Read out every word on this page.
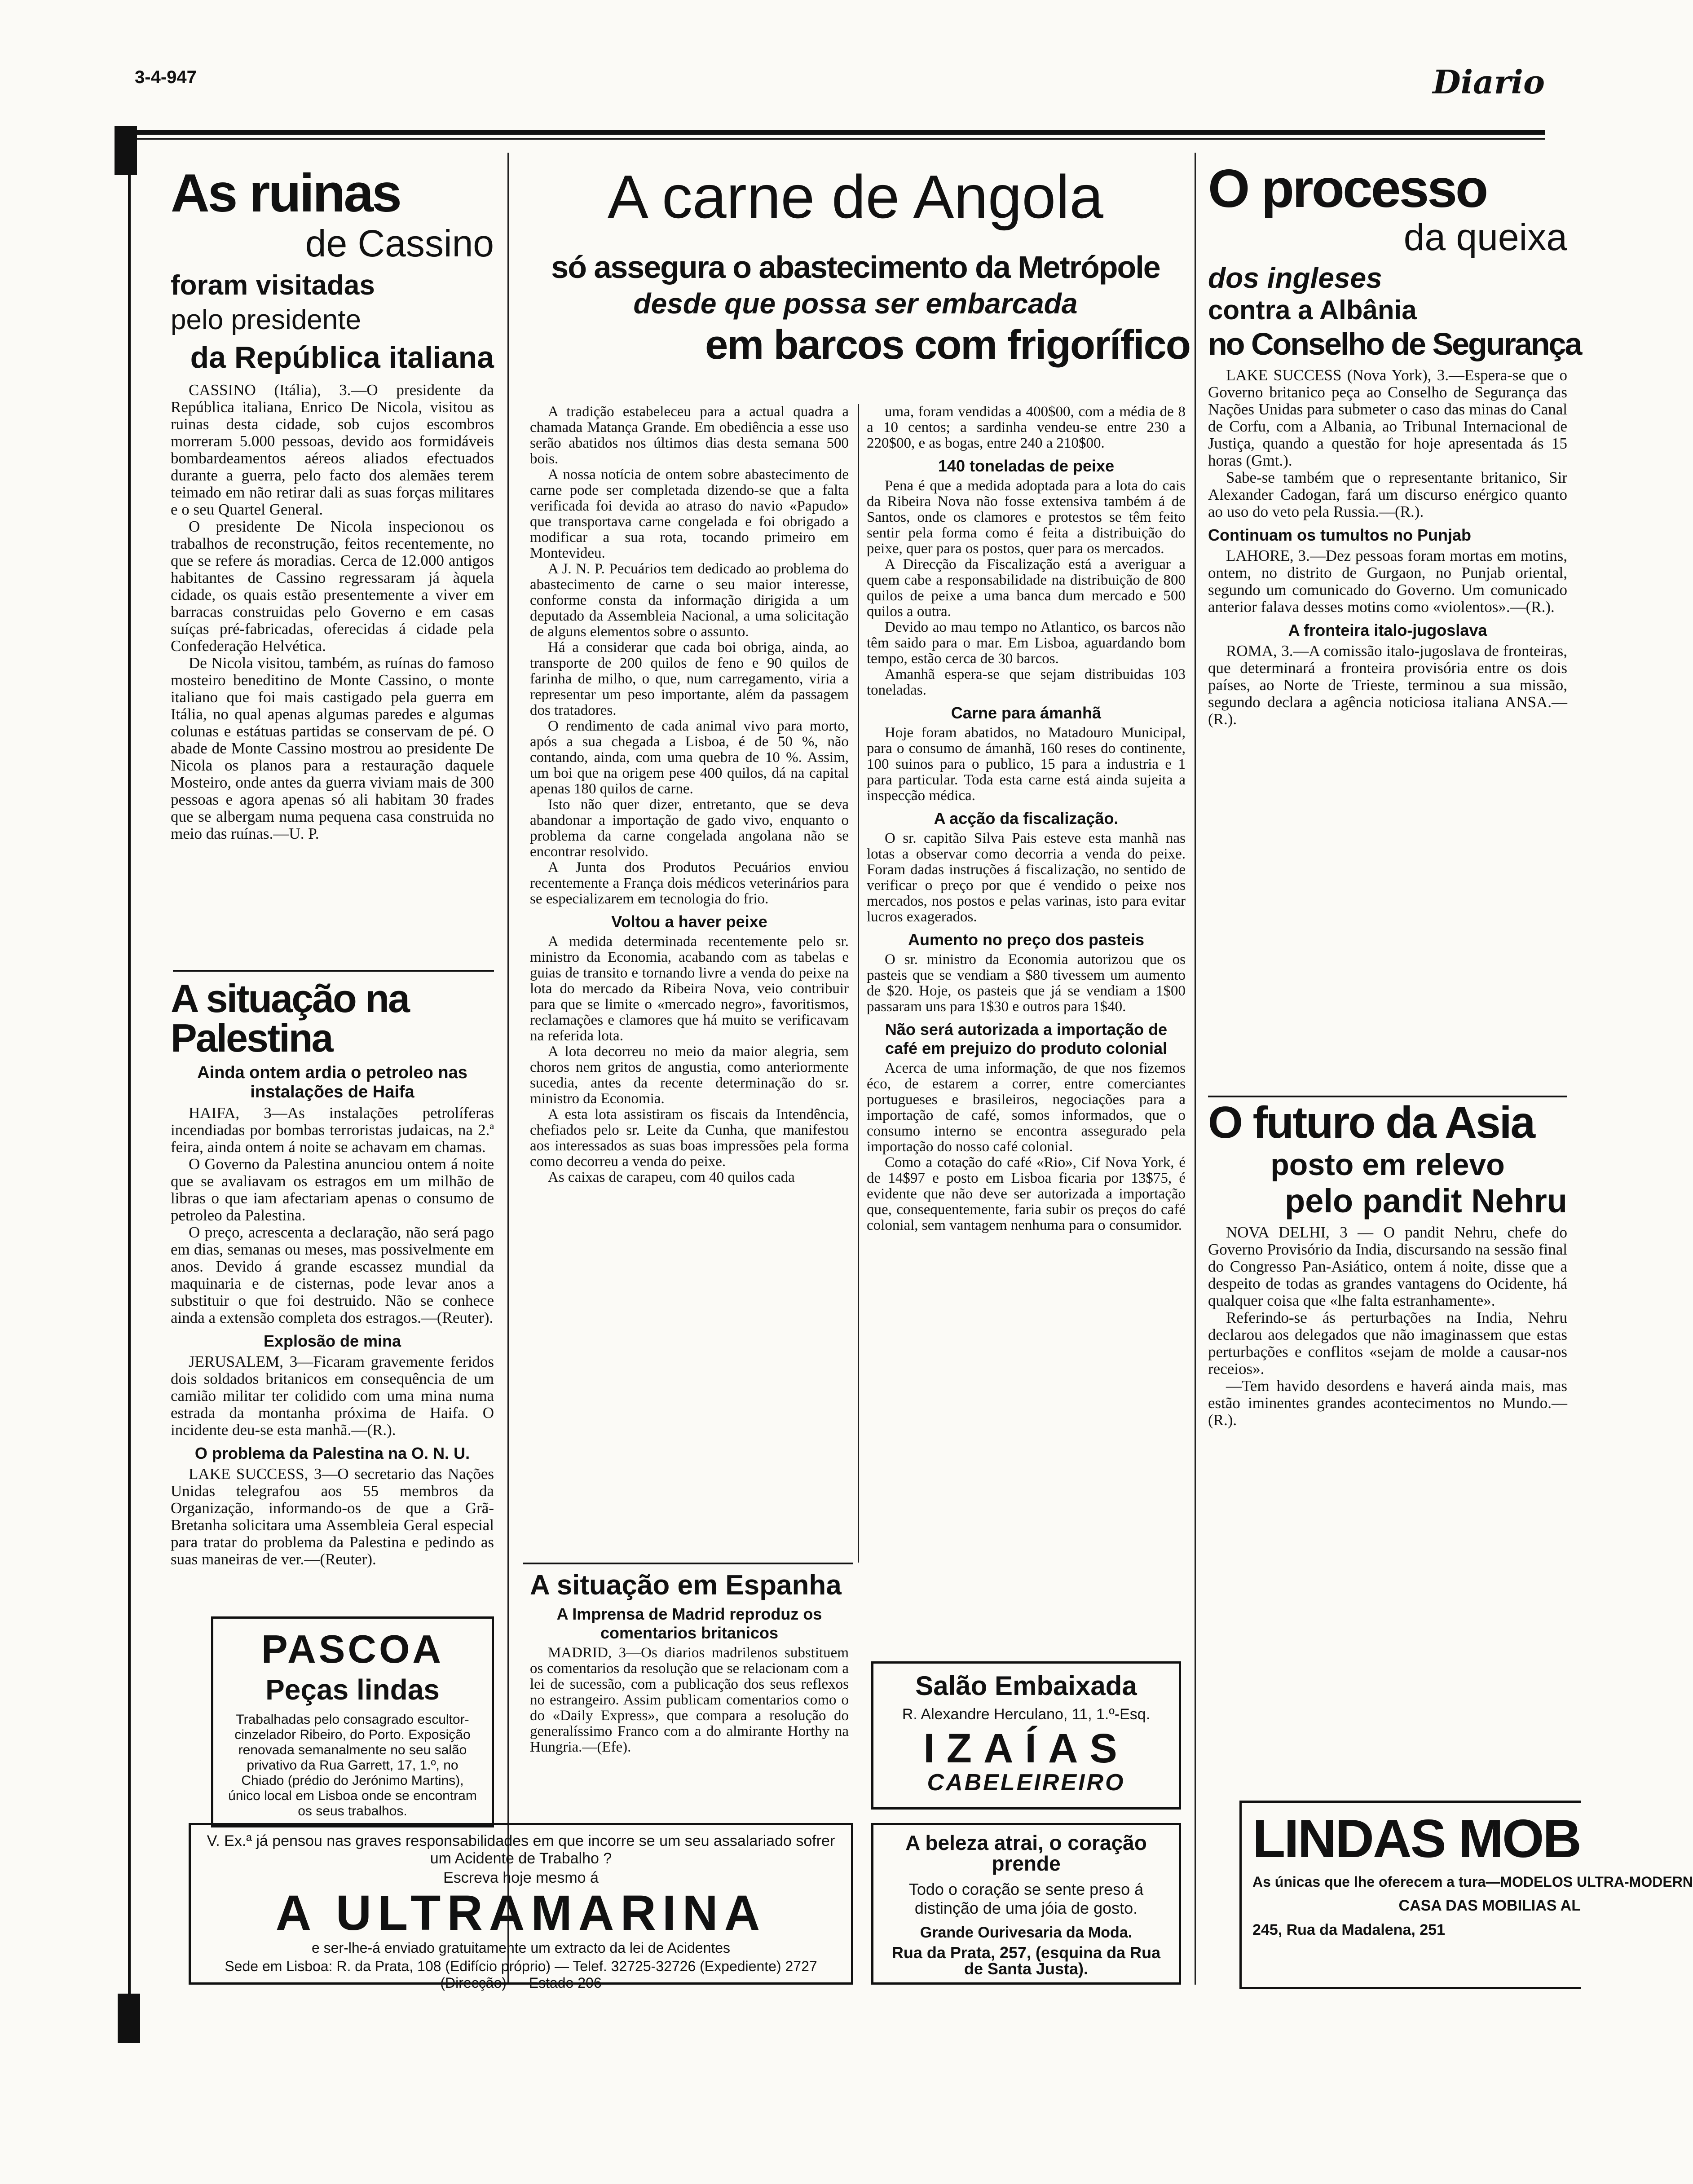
3-4-947	Diario
As ruinas
de Cassino
foram visitadas
pelo presidente
da República italiana

CASSINO (Itália), 3.—O presidente da República italiana, Enrico De Nicola, visitou as ruinas desta cidade, sob cujos escombros morreram 5.000 pessoas, devido aos formidáveis bombardeamentos aéreos aliados efectuados durante a guerra, pelo facto dos alemães terem teimado em não retirar dali as suas forças militares e o seu Quartel General.

O presidente De Nicola inspecionou os trabalhos de reconstrução, feitos recentemente, no que se refere ás moradias. Cerca de 12.000 antigos habitantes de Cassino regressaram já àquela cidade, os quais estão presentemente a viver em barracas construidas pelo Governo e em casas suíças pré-fabricadas, oferecidas á cidade pela Confederação Helvética.

De Nicola visitou, também, as ruínas do famoso mosteiro beneditino de Monte Cassino, o monte italiano que foi mais castigado pela guerra em Itália, no qual apenas algumas paredes e algumas colunas e estátuas partidas se conservam de pé. O abade de Monte Cassino mostrou ao presidente De Nicola os planos para a restauração daquele Mosteiro, onde antes da guerra viviam mais de 300 pessoas e agora apenas só ali habitam 30 frades que se albergam numa pequena casa construida no meio das ruínas.—U. P.

A situação na Palestina
Ainda ontem ardia o petroleo nas instalações de Haifa

HAIFA, 3—As instalações petrolíferas incendiadas por bombas terroristas judaicas, na 2.ª feira, ainda ontem á noite se achavam em chamas.

O Governo da Palestina anunciou ontem á noite que se avaliavam os estragos em um milhão de libras o que iam afectariam apenas o consumo de petroleo da Palestina.

O preço, acrescenta a declaração, não será pago em dias, semanas ou meses, mas possivelmente em anos. Devido á grande escassez mundial da maquinaria e de cisternas, pode levar anos a substituir o que foi destruido. Não se conhece ainda a extensão completa dos estragos.—(Reuter).

Explosão de mina

JERUSALEM, 3—Ficaram gravemente feridos dois soldados britanicos em consequência de um camião militar ter colidido com uma mina numa estrada da montanha próxima de Haifa. O incidente deu-se esta manhã.—(R.).

O problema da Palestina na O. N. U.

LAKE SUCCESS, 3—O secretario das Nações Unidas telegrafou aos 55 membros da Organização, informando-os de que a Grã-Bretanha solicitara uma Assembleia Geral especial para tratar do problema da Palestina e pedindo as suas maneiras de ver.—(Reuter).

PASCOA
Peças lindas
Trabalhadas pelo consagrado escultor-cinzelador Ribeiro, do Porto. Exposição renovada semanalmente no seu salão privativo da Rua Garrett, 17, 1.º, no Chiado (prédio do Jerónimo Martins), único local em Lisboa onde se encontram os seus trabalhos.
A carne de Angola
só assegura o abastecimento da Metrópole
desde que possa ser embarcada
em barcos com frigorífico

A tradição estabeleceu para a actual quadra a chamada Matança Grande. Em obediência a esse uso serão abatidos nos últimos dias desta semana 500 bois.

A nossa notícia de ontem sobre abastecimento de carne pode ser completada dizendo-se que a falta verificada foi devida ao atraso do navio «Papudo» que transportava carne congelada e foi obrigado a modificar a sua rota, tocando primeiro em Montevideu.

A J. N. P. Pecuários tem dedicado ao problema do abastecimento de carne o seu maior interesse, conforme consta da informação dirigida a um deputado da Assembleia Nacional, a uma solicitação de alguns elementos sobre o assunto.

Há a considerar que cada boi obriga, ainda, ao transporte de 200 quilos de feno e 90 quilos de farinha de milho, o que, num carregamento, viria a representar um peso importante, além da passagem dos tratadores.

O rendimento de cada animal vivo para morto, após a sua chegada a Lisboa, é de 50 %, não contando, ainda, com uma quebra de 10 %. Assim, um boi que na origem pese 400 quilos, dá na capital apenas 180 quilos de carne.

Isto não quer dizer, entretanto, que se deva abandonar a importação de gado vivo, enquanto o problema da carne congelada angolana não se encontrar resolvido.

A Junta dos Produtos Pecuários enviou recentemente a França dois médicos veterinários para se especializarem em tecnologia do frio.

Voltou a haver peixe

A medida determinada recentemente pelo sr. ministro da Economia, acabando com as tabelas e guias de transito e tornando livre a venda do peixe na lota do mercado da Ribeira Nova, veio contribuir para que se limite o «mercado negro», favoritismos, reclamações e clamores que há muito se verificavam na referida lota.

A lota decorreu no meio da maior alegria, sem choros nem gritos de angustia, como anteriormente sucedia, antes da recente determinação do sr. ministro da Economia.

A esta lota assistiram os fiscais da Intendência, chefiados pelo sr. Leite da Cunha, que manifestou aos interessados as suas boas impressões pela forma como decorreu a venda do peixe.

As caixas de carapeu, com 40 quilos cada

uma, foram vendidas a 400$00, com a média de 8 a 10 centos; a sardinha vendeu-se entre 230 a 220$00, e as bogas, entre 240 a 210$00.

140 toneladas de peixe

Pena é que a medida adoptada para a lota do cais da Ribeira Nova não fosse extensiva também á de Santos, onde os clamores e protestos se têm feito sentir pela forma como é feita a distribuição do peixe, quer para os postos, quer para os mercados.

A Direcção da Fiscalização está a averiguar a quem cabe a responsabilidade na distribuição de 800 quilos de peixe a uma banca dum mercado e 500 quilos a outra.

Devido ao mau tempo no Atlantico, os barcos não têm saido para o mar. Em Lisboa, aguardando bom tempo, estão cerca de 30 barcos.

Amanhã espera-se que sejam distribuidas 103 toneladas.

Carne para ámanhã

Hoje foram abatidos, no Matadouro Municipal, para o consumo de ámanhã, 160 reses do continente, 100 suinos para o publico, 15 para a industria e 1 para particular. Toda esta carne está ainda sujeita a inspecção médica.

A acção da fiscalização.

O sr. capitão Silva Pais esteve esta manhã nas lotas a observar como decorria a venda do peixe. Foram dadas instruções á fiscalização, no sentido de verificar o preço por que é vendido o peixe nos mercados, nos postos e pelas varinas, isto para evitar lucros exagerados.

Aumento no preço dos pasteis

O sr. ministro da Economia autorizou que os pasteis que se vendiam a $80 tivessem um aumento de $20. Hoje, os pasteis que já se vendiam a 1$00 passaram uns para 1$30 e outros para 1$40.

Não será autorizada a importação de café em prejuizo do produto colonial

Acerca de uma informação, de que nos fizemos éco, de estarem a correr, entre comerciantes portugueses e brasileiros, negociações para a importação de café, somos informados, que o consumo interno se encontra assegurado pela importação do nosso café colonial.

Como a cotação do café «Rio», Cif Nova York, é de 14$97 e posto em Lisboa ficaria por 13$75, é evidente que não deve ser autorizada a importação que, consequentemente, faria subir os preços do café colonial, sem vantagem nenhuma para o consumidor.

A situação em Espanha
A Imprensa de Madrid reproduz os comentarios britanicos

MADRID, 3—Os diarios madrilenos substituem os comentarios da resolução que se relacionam com a lei de sucessão, com a publicação dos seus reflexos no estrangeiro. Assim publicam comentarios como o do «Daily Express», que compara a resolução do generalíssimo Franco com a do almirante Horthy na Hungria.—(Efe).

Salão Embaixada
R. Alexandre Herculano, 11, 1.º-Esq.
IZAÍAS
CABELEIREIRO
A beleza atrai, o coração prende
Todo o coração se sente preso á distinção de uma jóia de gosto.
Grande Ourivesaria da Moda.
Rua da Prata, 257, (esquina da Rua de Santa Justa).
V. Ex.ª já pensou nas graves responsabilidades em que incorre se um seu assalariado sofrer um Acidente de Trabalho ?
Escreva hoje mesmo á
A ULTRAMARINA
e ser-lhe-á enviado gratuitamente um extracto da lei de Acidentes
Sede em Lisboa: R. da Prata, 108 (Edifício próprio) — Telef. 32725-32726 (Expediente) 2727 (Direcção) — Estado 206
O processo
da queixa
dos ingleses
contra a Albânia
no Conselho de Segurança

LAKE SUCCESS (Nova York), 3.—Espera-se que o Governo britanico peça ao Conselho de Segurança das Nações Unidas para submeter o caso das minas do Canal de Corfu, com a Albania, ao Tribunal Internacional de Justiça, quando a questão for hoje apresentada ás 15 horas (Gmt.).

Sabe-se também que o representante britanico, Sir Alexander Cadogan, fará um discurso enérgico quanto ao uso do veto pela Russia.—(R.).

Continuam os tumultos no Punjab

LAHORE, 3.—Dez pessoas foram mortas em motins, ontem, no distrito de Gurgaon, no Punjab oriental, segundo um comunicado do Governo. Um comunicado anterior falava desses motins como «violentos».—(R.).

A fronteira italo-jugoslava

ROMA, 3.—A comissão italo-jugoslava de fronteiras, que determinará a fronteira provisória entre os dois países, ao Norte de Trieste, terminou a sua missão, segundo declara a agência noticiosa italiana ANSA.—(R.).

O futuro da Asia
posto em relevo
pelo pandit Nehru

NOVA DELHI, 3 — O pandit Nehru, chefe do Governo Provisório da India, discursando na sessão final do Congresso Pan-Asiático, ontem á noite, disse que a despeito de todas as grandes vantagens do Ocidente, há qualquer coisa que «lhe falta estranhamente».

Referindo-se ás perturbações na India, Nehru declarou aos delegados que não imaginassem que estas perturbações e conflitos «sejam de molde a causar-nos receios».

—Tem havido desordens e haverá ainda mais, mas estão iminentes grandes acontecimentos no Mundo.—(R.).

LINDAS MOB
As únicas que lhe oferecem a tura—MODELOS ULTRA-MODERN
CASA DAS MOBILIAS AL
245, Rua da Madalena, 251
